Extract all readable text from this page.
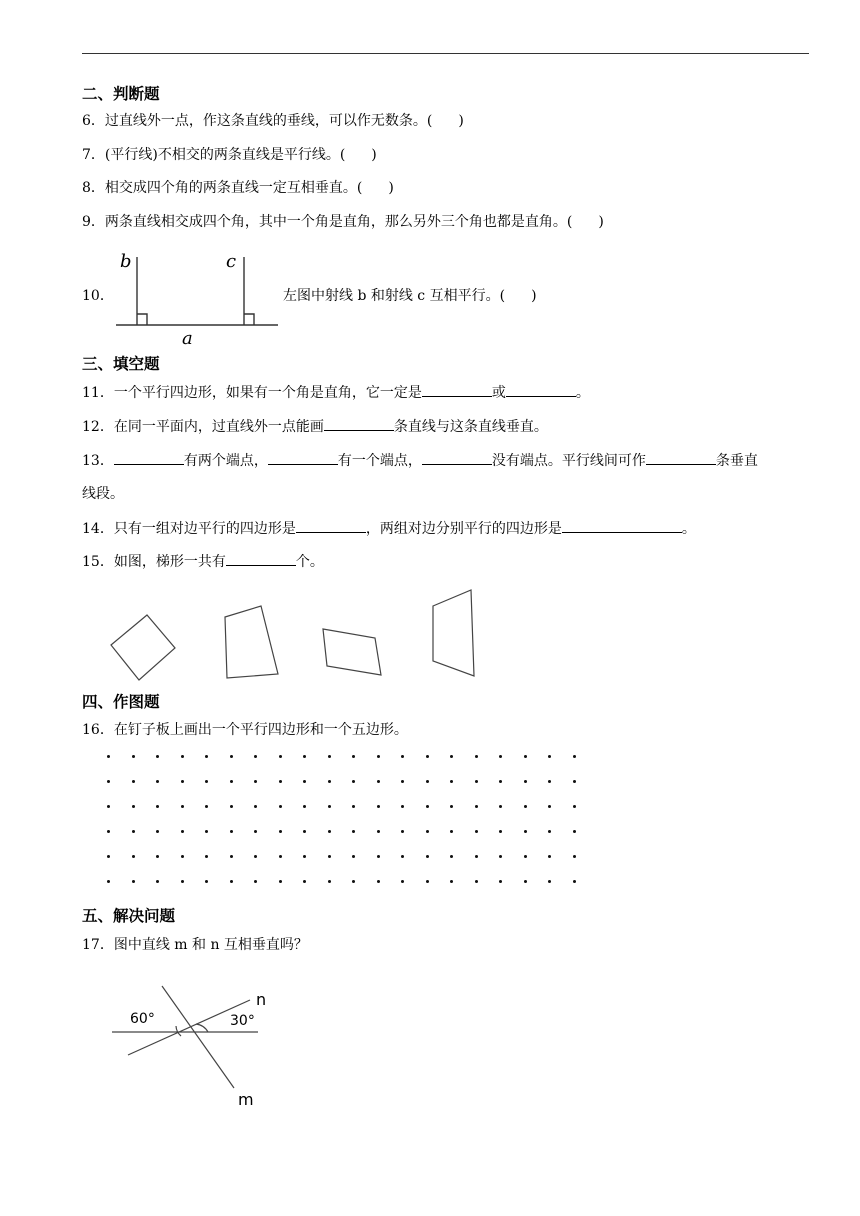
二、判断题
6．过直线外一点，作这条直线的垂线，可以作无数条。( )
7．(平行线)不相交的两条直线是平行线。( )
8．相交成四个角的两条直线一定互相垂直。( )
9．两条直线相交成四个角，其中一个角是直角，那么另外三个角也都是直角。( )
10．
b	c
a
左图中射线 b 和射线 c 互相平行。( )
三、填空题
11．一个平行四边形，如果有一个角是直角，它一定是	或	。
12．在同一平面内，过直线外一点能画	条直线与这条直线垂直。
13．	有两个端点，	有一个端点，	没有端点。平行线间可作	条垂直
线段。
14．只有一组对边平行的四边形是	，两组对边分别平行的四边形是	。
15．如图，梯形一共有	个。
四、作图题
16．在钉子板上画出一个平行四边形和一个五边形。
五、解决问题
17．图中直线 m 和 n 互相垂直吗？
60°	30°
n
m
